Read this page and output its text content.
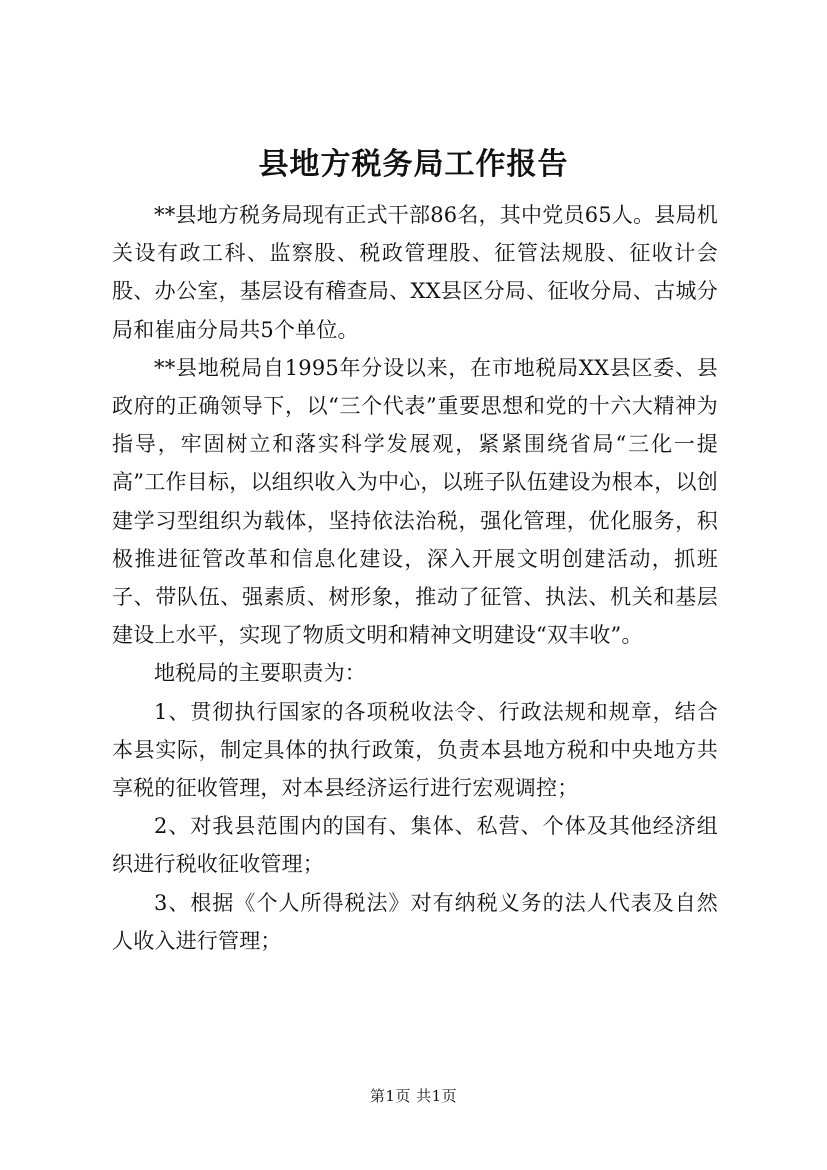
县地方税务局工作报告

**县地方税务局现有正式干部86名，其中党员65人。县局机关设有政工科、监察股、税政管理股、征管法规股、征收计会股、办公室，基层设有稽查局、XX县区分局、征收分局、古城分局和崔庙分局共5个单位。

**县地税局自1995年分设以来，在市地税局XX县区委、县政府的正确领导下，以“三个代表”重要思想和党的十六大精神为指导，牢固树立和落实科学发展观，紧紧围绕省局“三化一提高”工作目标，以组织收入为中心，以班子队伍建设为根本，以创建学习型组织为载体，坚持依法治税，强化管理，优化服务，积极推进征管改革和信息化建设，深入开展文明创建活动，抓班子、带队伍、强素质、树形象，推动了征管、执法、机关和基层建设上水平，实现了物质文明和精神文明建设“双丰收”。

地税局的主要职责为：

1、贯彻执行国家的各项税收法令、行政法规和规章，结合本县实际，制定具体的执行政策，负责本县地方税和中央地方共享税的征收管理，对本县经济运行进行宏观调控；

2、对我县范围内的国有、集体、私营、个体及其他经济组织进行税收征收管理；

3、根据《个人所得税法》对有纳税义务的法人代表及自然人收入进行管理；

第1页 共1页
